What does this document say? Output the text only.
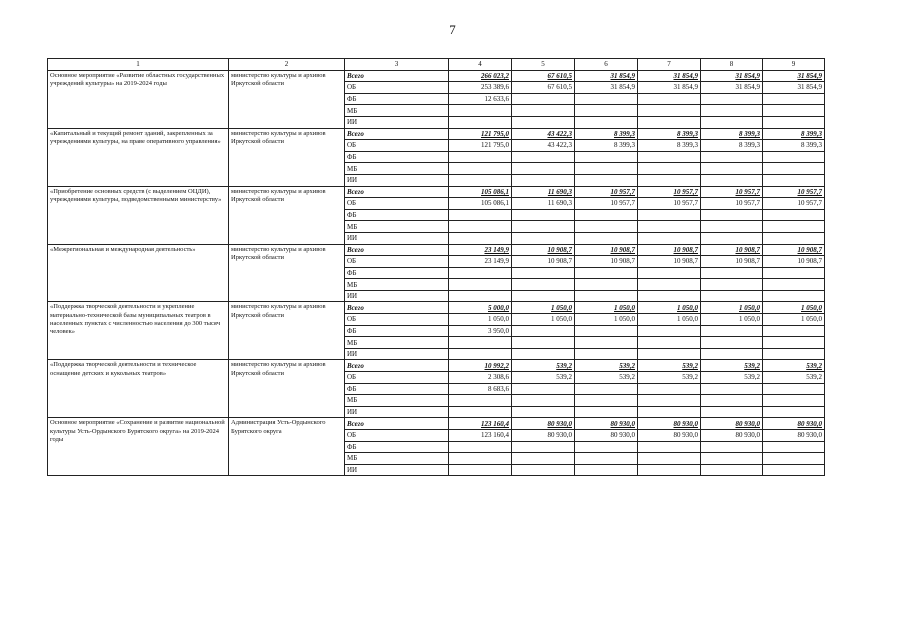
7
1	2	3	4	5	6	7	8	9
Основное мероприятие «Развитие областных государственных учреждений культуры» на 2019-2024 годы	министерство культуры и архивов Иркутской области	Всего	266 023,2	67 610,5	31 854,9	31 854,9	31 854,9	31 854,9
		ОБ	253 389,6	67 610,5	31 854,9	31 854,9	31 854,9	31 854,9
		ФБ	12 633,6					
		МБ						
		ИИ						
«Капитальный и текущий ремонт зданий, закрепленных за учреждениями культуры, на праве оперативного управления»	министерство культуры и архивов Иркутской области	Всего	121 795,0	43 422,3	8 399,3	8 399,3	8 399,3	8 399,3
		ОБ	121 795,0	43 422,3	8 399,3	8 399,3	8 399,3	8 399,3
		ФБ						
		МБ						
		ИИ						
«Приобретение основных средств (с выделением ОЦДИ), учреждениями культуры, подведомственными министерству»	министерство культуры и архивов Иркутской области	Всего	105 086,1	11 690,3	10 957,7	10 957,7	10 957,7	10 957,7
		ОБ	105 086,1	11 690,3	10 957,7	10 957,7	10 957,7	10 957,7
		ФБ						
		МБ						
		ИИ						
«Межрегиональная и международная деятельность»	министерство культуры и архивов Иркутской области	Всего	23 149,9	10 908,7	10 908,7	10 908,7	10 908,7	10 908,7
		ОБ	23 149,9	10 908,7	10 908,7	10 908,7	10 908,7	10 908,7
		ФБ						
		МБ						
		ИИ						
«Поддержка творческой деятельности и укрепление материально-технической базы муниципальных театров в населенных пунктах с численностью населения до 300 тысяч человек»	министерство культуры и архивов Иркутской области	Всего	5 000,0	1 050,0	1 050,0	1 050,0	1 050,0	1 050,0
		ОБ	1 050,0	1 050,0	1 050,0	1 050,0	1 050,0	1 050,0
		ФБ	3 950,0					
		МБ						
		ИИ						
«Поддержка творческой деятельности и техническое оснащение детских и кукольных театров»	министерство культуры и архивов Иркутской области	Всего	10 992,2	539,2	539,2	539,2	539,2	539,2
		ОБ	2 308,6	539,2	539,2	539,2	539,2	539,2
		ФБ	8 683,6					
		МБ						
		ИИ						
Основное мероприятие «Сохранение и развитие национальной культуры Усть-Ордынского Бурятского округа» на 2019-2024 годы	Администрация Усть-Ордынского Бурятского округа	Всего	123 160,4	80 930,0	80 930,0	80 930,0	80 930,0	80 930,0
		ОБ	123 160,4	80 930,0	80 930,0	80 930,0	80 930,0	80 930,0
		ФБ						
		МБ						
		ИИ						
